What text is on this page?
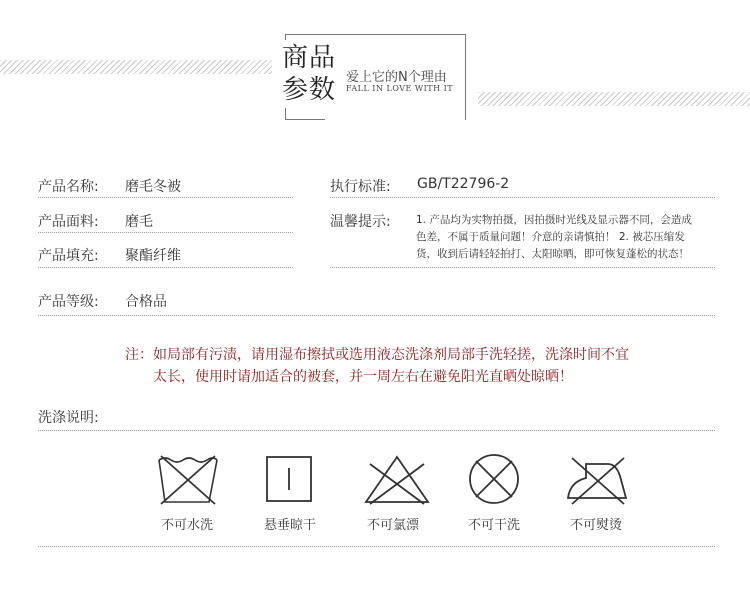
商品
参数 爱上它的N个理由
FALL IN LOVE WITH IT
产品名称: 磨毛冬被	执行标准: GB/T22796-2
产品面料: 磨毛	温馨提示: 1. 产品均为实物拍摄，因拍摄时光线及显示器不同，会造成
色差，不属于质量问题！介意的亲请慎拍！ 2. 被芯压缩发
货，收到后请轻轻拍打、太阳晾晒，即可恢复蓬松的状态！
产品填充: 聚酯纤维
产品等级: 合格品
注：如局部有污渍，请用湿布擦拭或选用液态洗涤剂局部手洗轻搓，洗涤时间不宜
太长，使用时请加适合的被套，并一周左右在避免阳光直晒处晾晒！
洗涤说明:
不可水洗	悬垂晾干	不可氯漂	不可干洗	不可熨烫
